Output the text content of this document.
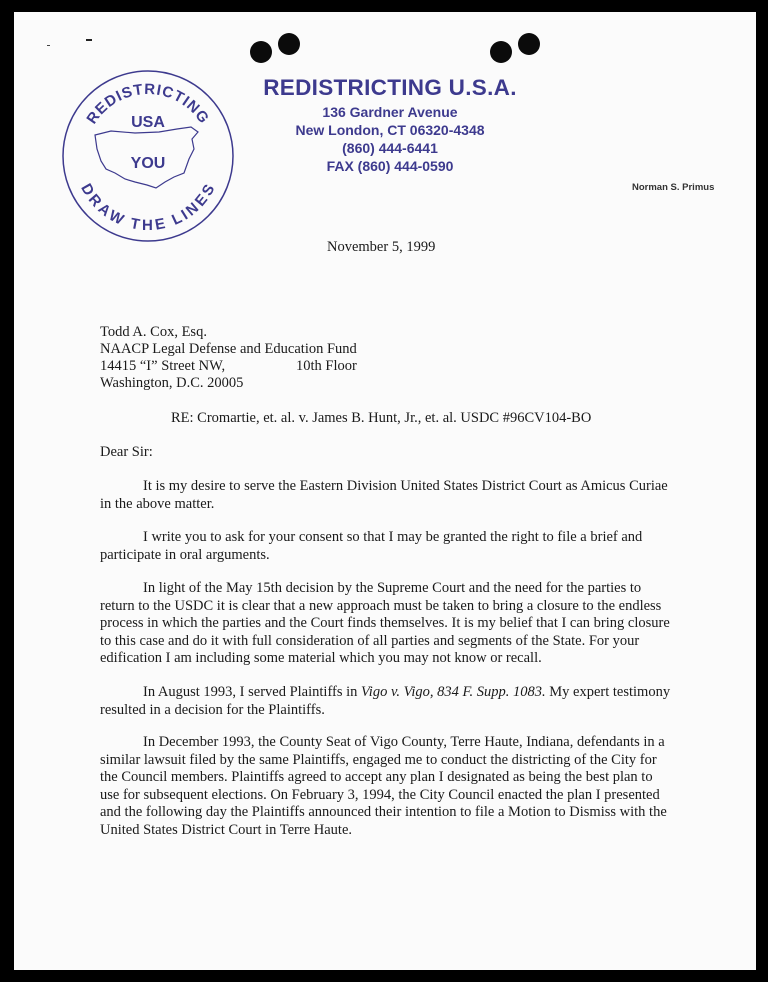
REDISTRICTING
DRAW THE LINES
USA
YOU
REDISTRICTING U.S.A.
136 Gardner Avenue
New London, CT 06320-4348
(860) 444-6441
FAX (860) 444-0590
Norman S. Primus
November 5, 1999
Todd A. Cox, Esq.
NAACP Legal Defense and Education Fund
14415 “I” Street NW,	10th Floor
Washington, D.C. 20005
RE: Cromartie, et. al. v. James B. Hunt, Jr., et. al. USDC #96CV104-BO
Dear Sir:

It is my desire to serve the Eastern Division United States District Court as Amicus Curiae in the above matter.

I write you to ask for your consent so that I may be granted the right to file a brief and participate in oral arguments.

In light of the May 15th decision by the Supreme Court and the need for the parties to return to the USDC it is clear that a new approach must be taken to bring a closure to the endless process in which the parties and the Court finds themselves. It is my belief that I can bring closure to this case and do it with full consideration of all parties and segments of the State. For your edification I am including some material which you may not know or recall.

In August 1993, I served Plaintiffs in Vigo v. Vigo, 834 F. Supp. 1083. My expert testimony resulted in a decision for the Plaintiffs.

In December 1993, the County Seat of Vigo County, Terre Haute, Indiana, defendants in a similar lawsuit filed by the same Plaintiffs, engaged me to conduct the districting of the City for the Council members. Plaintiffs agreed to accept any plan I designated as being the best plan to use for subsequent elections. On February 3, 1994, the City Council enacted the plan I presented and the following day the Plaintiffs announced their intention to file a Motion to Dismiss with the United States District Court in Terre Haute.
